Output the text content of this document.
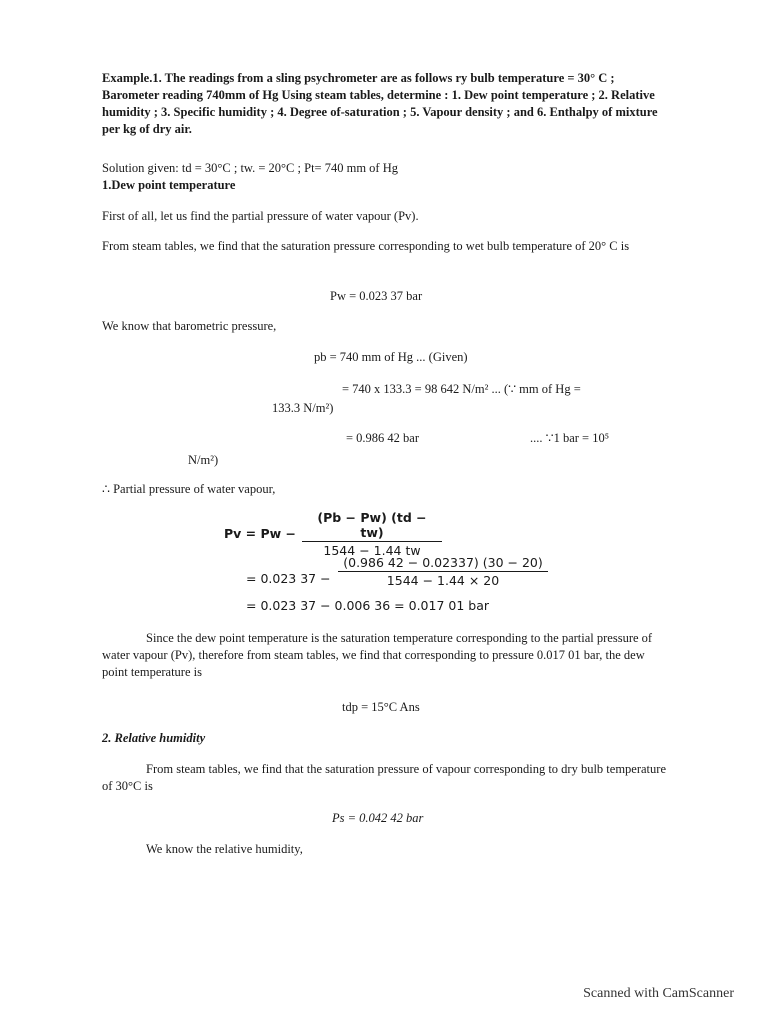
Example.1. The readings from a sling psychrometer are as follows ry bulb temperature = 30° C ; Barometer reading 740mm of Hg Using steam tables, determine : 1. Dew point temperature ; 2. Relative humidity ; 3. Specific humidity ; 4. Degree of-saturation ; 5. Vapour density ; and 6. Enthalpy of mixture per kg of dry air.
Solution given: td = 30°C ; tw. = 20°C ; Pt= 740 mm of Hg
1.Dew point temperature
First of all, let us find the partial pressure of water vapour (Pv).
From steam tables, we find that the saturation pressure corresponding to wet bulb temperature of 20° C is
Pw = 0.023 37 bar
We know that barometric pressure,
pb = 740 mm of Hg ... (Given)
= 740 x 133.3 = 98 642 N/m² ... (∵ mm of Hg =
133.3 N/m²)
= 0.986 42 bar	.... ∵1 bar = 10⁵
N/m²)
∴ Partial pressure of water vapour,
$Pv = Pw - \frac{(Pb - Pw) (td - tw)}{1544 - 1.44 tw}$
= 0.023 $37 - \frac{(0.986 42 - 0.02337) (30 - 20)}{1544 - 1.44 \times 20}$
= 0.023 37 − 0.006 36 = 0.017 01 bar
Since the dew point temperature is the saturation temperature corresponding to the partial pressure of water vapour (Pv), therefore from steam tables, we find that corresponding to pressure 0.017 01 bar, the dew point temperature is
tdp = 15°C Ans
2. Relative humidity
From steam tables, we find that the saturation pressure of vapour corresponding to dry bulb temperature of 30°C is
Ps = 0.042 42 bar
We know the relative humidity,
Scanned with CamScanner
